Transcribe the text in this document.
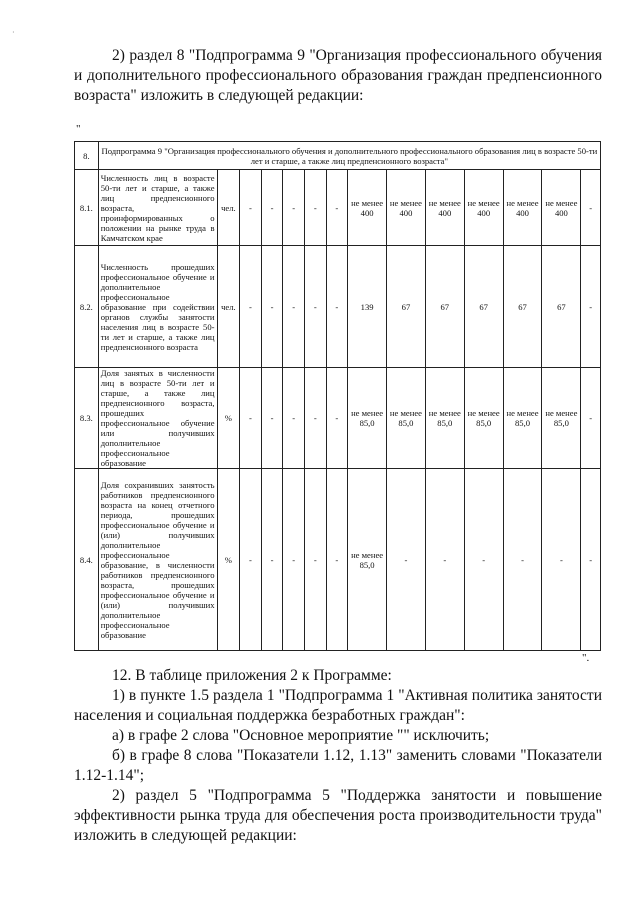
·

2) раздел 8 "Подпрограмма 9 "Организация профессионального обучения и дополнительного профессионального образования граждан предпенсионного возраста" изложить в следующей редакции:

"
8.	Подпрограмма 9 "Организация профессионального обучения и дополнительного профессионального образования лиц в возрасте 50-ти лет и старше, а также лиц предпенсионного возраста"													
8.1.	Численность лиц в возрасте 50-ти лет и старше, а также лиц предпенсионного возраста, проинформированных о положении на рынке труда в Камчатском крае	чел.	-	-	-	-	-	не менее 400	не менее 400	не менее 400	не менее 400	не менее 400	не менее 400	-
8.2.	Численность прошедших профессиональное обучение и дополнительное профессиональное образование при содействии органов службы занятости населения лиц в возрасте 50-ти лет и старше, а также лиц предпенсионного возраста	чел.	-	-	-	-	-	139	67	67	67	67	67	-
8.3.	Доля занятых в численности лиц в возрасте 50-ти лет и старше, а также лиц предпенсионного возраста, прошедших профессиональное обучение или получивших дополнительное профессиональное образование	%	-	-	-	-	-	не менее 85,0	не менее 85,0	не менее 85,0	не менее 85,0	не менее 85,0	не менее 85,0	-
8.4.	Доля сохранивших занятость работников предпенсионного возраста на конец отчетного периода, прошедших профессиональное обучение и (или) получивших дополнительное профессиональное образование, в численности работников предпенсионного возраста, прошедших профессиональное обучение и (или) получивших дополнительное профессиональное образование	%	-	-	-	-	-	не менее 85,0	-	-	-	-	-	-
".

12. В таблице приложения 2 к Программе:

1) в пункте 1.5 раздела 1 "Подпрограмма 1 "Активная политика занятости населения и социальная поддержка безработных граждан":

а) в графе 2 слова "Основное мероприятие "" исключить;

б) в графе 8 слова "Показатели 1.12, 1.13" заменить словами "Показатели 1.12-1.14";

2) раздел 5 "Подпрограмма 5 "Поддержка занятости и повышение эффективности рынка труда для обеспечения роста производительности труда" изложить в следующей редакции:
